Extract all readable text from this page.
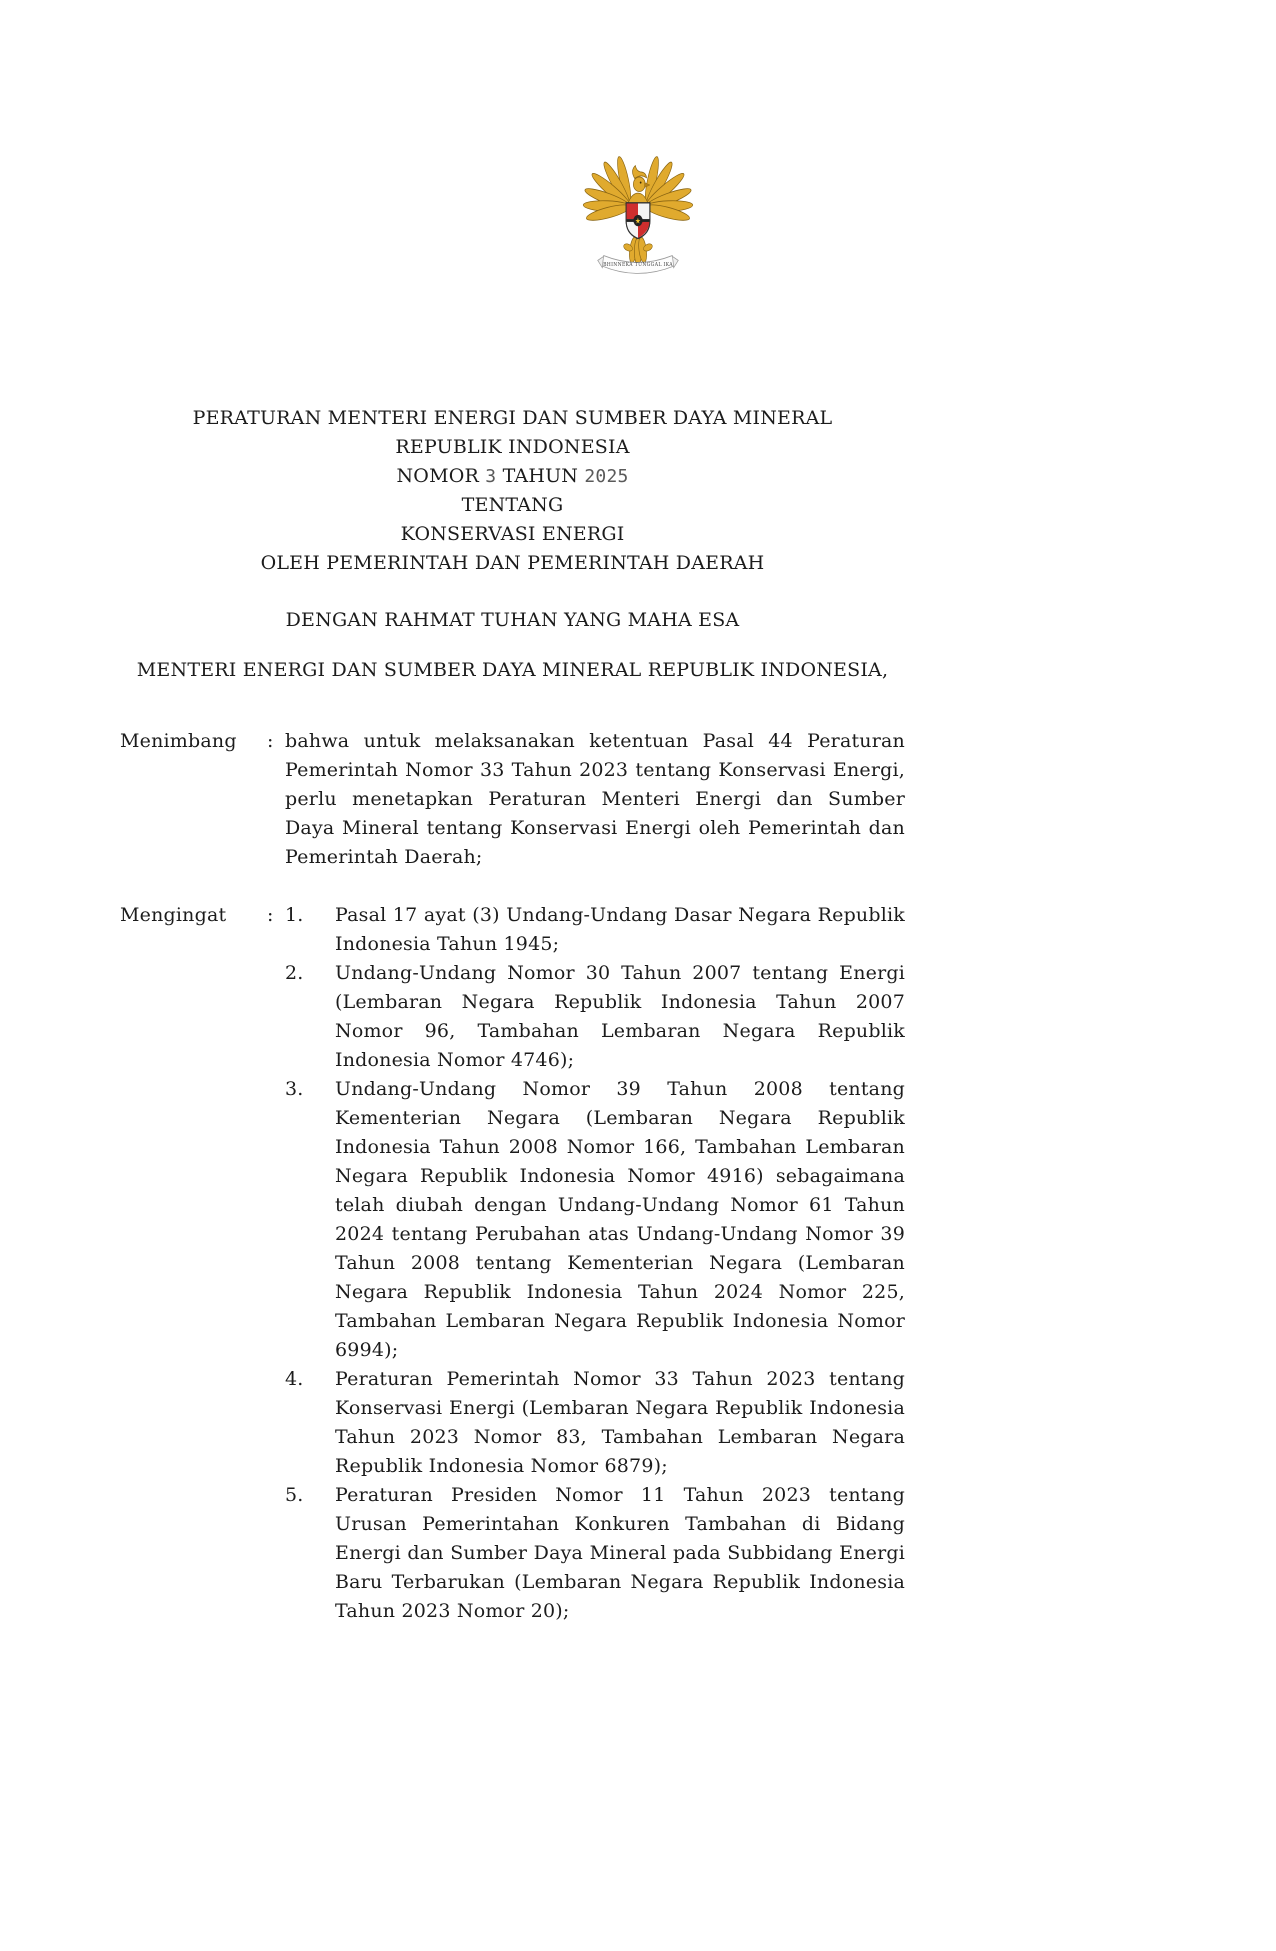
★
BHINNEKA TUNGGAL IKA

PERATURAN MENTERI ENERGI DAN SUMBER DAYA MINERAL

REPUBLIK INDONESIA

NOMOR 3 TAHUN 2025

TENTANG

KONSERVASI ENERGI

OLEH PEMERINTAH DAN PEMERINTAH DAERAH

DENGAN RAHMAT TUHAN YANG MAHA ESA

MENTERI ENERGI DAN SUMBER DAYA MINERAL REPUBLIK INDONESIA,

Menimbang	: bahwa untuk melaksanakan ketentuan Pasal 44 Peraturan Pemerintah Nomor 33 Tahun 2023 tentang Konservasi Energi, perlu menetapkan Peraturan Menteri Energi dan Sumber Daya Mineral tentang Konservasi Energi oleh Pemerintah dan Pemerintah Daerah;
Mengingat	: 1.	Pasal 17 ayat (3) Undang-Undang Dasar Negara Republik Indonesia Tahun 1945;
2.	Undang-Undang Nomor 30 Tahun 2007 tentang Energi (Lembaran Negara Republik Indonesia Tahun 2007 Nomor 96, Tambahan Lembaran Negara Republik Indonesia Nomor 4746);
3.	Undang-Undang Nomor 39 Tahun 2008 tentang Kementerian Negara (Lembaran Negara Republik Indonesia Tahun 2008 Nomor 166, Tambahan Lembaran Negara Republik Indonesia Nomor 4916) sebagaimana telah diubah dengan Undang-Undang Nomor 61 Tahun 2024 tentang Perubahan atas Undang-Undang Nomor 39 Tahun 2008 tentang Kementerian Negara (Lembaran Negara Republik Indonesia Tahun 2024 Nomor 225, Tambahan Lembaran Negara Republik Indonesia Nomor 6994);
4.	Peraturan Pemerintah Nomor 33 Tahun 2023 tentang Konservasi Energi (Lembaran Negara Republik Indonesia Tahun 2023 Nomor 83, Tambahan Lembaran Negara Republik Indonesia Nomor 6879);
5.	Peraturan Presiden Nomor 11 Tahun 2023 tentang Urusan Pemerintahan Konkuren Tambahan di Bidang Energi dan Sumber Daya Mineral pada Subbidang Energi Baru Terbarukan (Lembaran Negara Republik Indonesia Tahun 2023 Nomor 20);
